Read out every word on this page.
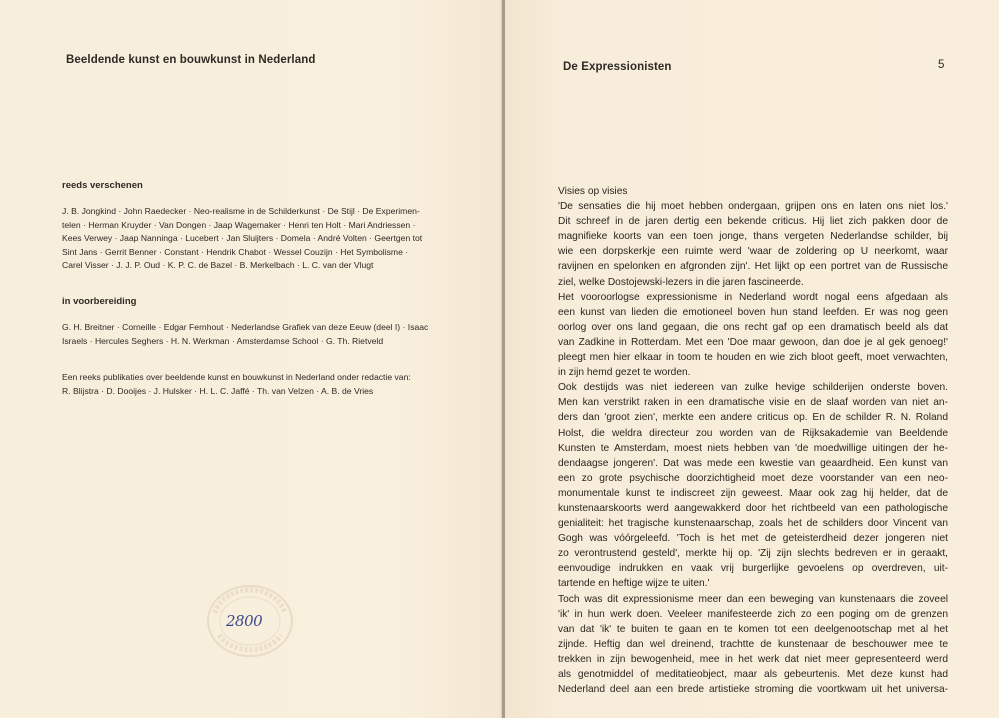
Beeldende kunst en bouwkunst in Nederland
reeds verschenen
J. B. Jongkind · John Raedecker · Neo-realisme in de Schilderkunst · De Stijl · De Experimen-
telen · Herman Kruyder · Van Dongen · Jaap Wagemaker · Henri ten Holt · Mari Andriessen ·
Kees Verwey · Jaap Nanninga · Lucebert · Jan Sluijters · Domela · André Volten · Geertgen tot
Sint Jans · Gerrit Benner · Constant · Hendrik Chabot · Wessel Couzijn · Het Symbolisme ·
Carel Visser · J. J. P. Oud · K. P. C. de Bazel · B. Merkelbach · L. C. van der Vlugt
in voorbereiding
G. H. Breitner · Corneille · Edgar Fernhout · Nederlandse Grafiek van deze Eeuw (deel I) · Isaac
Israels · Hercules Seghers · H. N. Werkman · Amsterdamse School · G. Th. Rietveld
Een reeks publikaties over beeldende kunst en bouwkunst in Nederland onder redactie van:
R. Blijstra · D. Dooijes · J. Hulsker · H. L. C. Jaffé · Th. van Velzen · A. B. de Vries
2800
De Expressionisten	5
Visies op visies
'De sensaties die hij moet hebben ondergaan, grijpen ons en laten ons niet los.'
Dit schreef in de jaren dertig een bekende criticus. Hij liet zich pakken door de
magnifieke koorts van een toen jonge, thans vergeten Nederlandse schilder, bij
wie een dorpskerkje een ruimte werd 'waar de zoldering op U neerkomt, waar
ravijnen en spelonken en afgronden zijn'. Het lijkt op een portret van de Russische
ziel, welke Dostojewski-lezers in die jaren fascineerde.
Het vooroorlogse expressionisme in Nederland wordt nogal eens afgedaan als
een kunst van lieden die emotioneel boven hun stand leefden. Er was nog geen
oorlog over ons land gegaan, die ons recht gaf op een dramatisch beeld als dat
van Zadkine in Rotterdam. Met een 'Doe maar gewoon, dan doe je al gek genoeg!'
pleegt men hier elkaar in toom te houden en wie zich bloot geeft, moet verwachten,
in zijn hemd gezet te worden.
Ook destijds was niet iedereen van zulke hevige schilderijen onderste boven.
Men kan verstrikt raken in een dramatische visie en de slaaf worden van niet an-
ders dan 'groot zien', merkte een andere criticus op. En de schilder R. N. Roland
Holst, die weldra directeur zou worden van de Rijksakademie van Beeldende
Kunsten te Amsterdam, moest niets hebben van 'de moedwillige uitingen der he-
dendaagse jongeren'. Dat was mede een kwestie van geaardheid. Een kunst van
een zo grote psychische doorzichtigheid moet deze voorstander van een neo-
monumentale kunst te indiscreet zijn geweest. Maar ook zag hij helder, dat de
kunstenaarskoorts werd aangewakkerd door het richtbeeld van een pathologische
genialiteit: het tragische kunstenaarschap, zoals het de schilders door Vincent van
Gogh was vóórgeleefd. 'Toch is het met de geteisterdheid dezer jongeren niet
zo verontrustend gesteld', merkte hij op. 'Zij zijn slechts bedreven er in geraakt,
eenvoudige indrukken en vaak vrij burgerlijke gevoelens op overdreven, uit-
tartende en heftige wijze te uiten.'
Toch was dit expressionisme meer dan een beweging van kunstenaars die zoveel
'ik' in hun werk doen. Veeleer manifesteerde zich zo een poging om de grenzen
van dat 'ik' te buiten te gaan en te komen tot een deelgenootschap met al het
zijnde. Heftig dan wel dreinend, trachtte de kunstenaar de beschouwer mee te
trekken in zijn bewogenheid, mee in het werk dat niet meer gepresenteerd werd
als genotmiddel of meditatieobject, maar als gebeurtenis. Met deze kunst had
Nederland deel aan een brede artistieke stroming die voortkwam uit het universa-
